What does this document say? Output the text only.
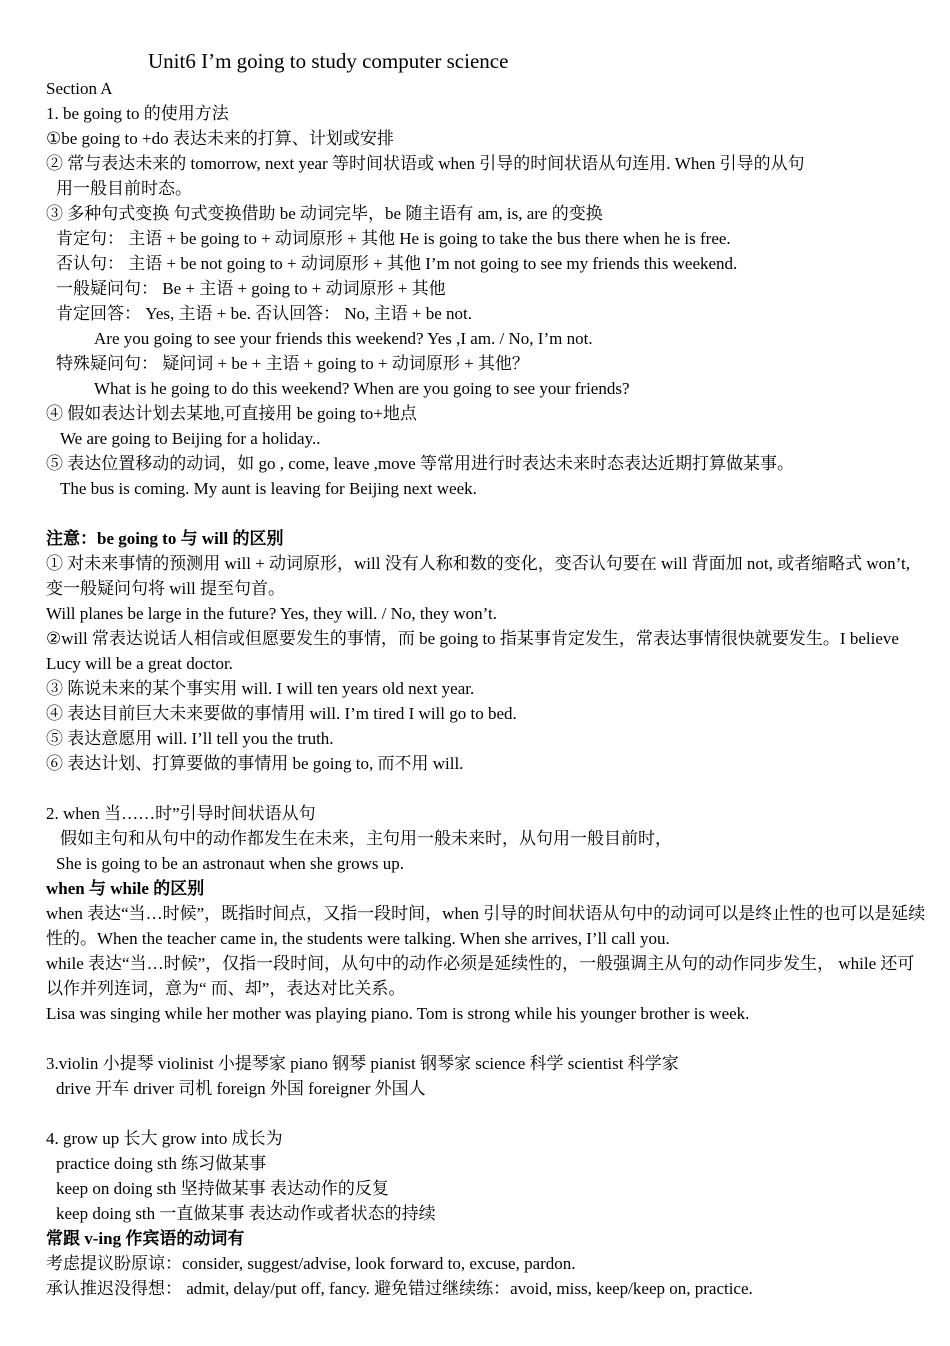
Unit6 I’m going to study computer science
Section A
1. be going to 的使用方法
①be going to +do 表达未来的打算、计划或安排
② 常与表达未来的 tomorrow, next year 等时间状语或 when 引导的时间状语从句连用. When 引导的从句
用一般目前时态。
③ 多种句式变换 句式变换借助 be 动词完毕，be 随主语有 am, is, are 的变换
肯定句： 主语 + be going to + 动词原形 + 其他 He is going to take the bus there when he is free.
否认句： 主语 + be not going to + 动词原形 + 其他 I’m not going to see my friends this weekend.
一般疑问句： Be + 主语 + going to + 动词原形 + 其他
肯定回答： Yes, 主语 + be. 否认回答： No, 主语 + be not.
Are you going to see your friends this weekend? Yes ,I am. / No, I’m not.
特殊疑问句： 疑问词 + be + 主语 + going to + 动词原形 + 其他？
What is he going to do this weekend? When are you going to see your friends?
④ 假如表达计划去某地,可直接用 be going to+地点
We are going to Beijing for a holiday..
⑤ 表达位置移动的动词，如 go , come, leave ,move 等常用进行时表达未来时态表达近期打算做某事。
The bus is coming. My aunt is leaving for Beijing next week.
注意：be going to 与 will 的区别
① 对未来事情的预测用 will + 动词原形，will 没有人称和数的变化，变否认句要在 will 背面加 not, 或者缩略式 won’t, 变一般疑问句将 will 提至句首。
Will planes be large in the future? Yes, they will. / No, they won’t.
②will 常表达说话人相信或但愿要发生的事情，而 be going to 指某事肯定发生，常表达事情很快就要发生。I believe Lucy will be a great doctor.
③ 陈说未来的某个事实用 will. I will ten years old next year.
④ 表达目前巨大未来要做的事情用 will. I’m tired I will go to bed.
⑤ 表达意愿用 will. I’ll tell you the truth.
⑥ 表达计划、打算要做的事情用 be going to, 而不用 will.
2. when 当……时”引导时间状语从句
假如主句和从句中的动作都发生在未来，主句用一般未来时，从句用一般目前时，
She is going to be an astronaut when she grows up.
when 与 while 的区别
when 表达“当…时候”，既指时间点，又指一段时间，when 引导的时间状语从句中的动词可以是终止性的也可以是延续性的。When the teacher came in, the students were talking. When she arrives, I’ll call you.
while 表达“当…时候”，仅指一段时间，从句中的动作必须是延续性的，一般强调主从句的动作同步发生， while 还可以作并列连词，意为“ 而、却”，表达对比关系。
Lisa was singing while her mother was playing piano. Tom is strong while his younger brother is week.
3.violin 小提琴 violinist 小提琴家 piano 钢琴 pianist 钢琴家 science 科学 scientist 科学家
drive 开车 driver 司机 foreign 外国 foreigner 外国人
4. grow up 长大 grow into 成长为
practice doing sth 练习做某事
keep on doing sth 坚持做某事 表达动作的反复
keep doing sth 一直做某事 表达动作或者状态的持续
常跟 v-ing 作宾语的动词有
考虑提议盼原谅：consider, suggest/advise, look forward to, excuse, pardon.
承认推迟没得想： admit, delay/put off, fancy. 避免错过继续练：avoid, miss, keep/keep on, practice.
